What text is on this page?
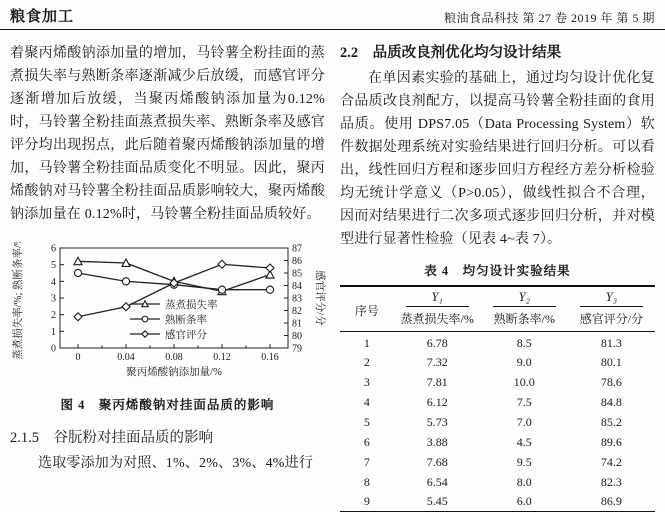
粮食加工	粮油食品科技 第 27 卷 2019 年 第 5 期

着聚丙烯酸钠添加量的增加，马铃薯全粉挂面的蒸煮损失率与熟断条率逐渐减少后放缓，而感官评分逐渐增加后放缓，当聚丙烯酸钠添加量为0.12%时，马铃薯全粉挂面蒸煮损失率、熟断条率及感官评分均出现拐点，此后随着聚丙烯酸钠添加量的增加，马铃薯全粉挂面品质变化不明显。因此，聚丙烯酸钠对马铃薯全粉挂面品质影响较大，聚丙烯酸钠添加量在 0.12%时，马铃薯全粉挂面品质较好。

0
1
2
3
4
5
6
79
80
81
82
83
84
85
86
87
0	0.04	0.08	0.12	0.16
蒸煮损失率
熟断条率
感官评分
聚丙烯酸钠添加量/%
蒸煮损失率/%; 熟断条率/%	感官评分/分
图 4　聚丙烯酸钠对挂面品质的影响
2.1.5　谷朊粉对挂面品质的影响

选取零添加为对照、1%、2%、3%、4%进行

2.2　品质改良剂优化均匀设计结果

在单因素实验的基础上，通过均匀设计优化复合品质改良剂配方，以提高马铃薯全粉挂面的食用品质。使用 DPS7.05（Data Processing System）软件数据处理系统对实验结果进行回归分析。可以看出，线性回归方程和逐步回归方程经方差分析检验均无统计学意义（P>0.05），做线性拟合不合理，因而对结果进行二次多项式逐步回归分析，并对模型进行显著性检验（见表 4~表 7）。

表 4　均匀设计实验结果
序号	Y₁	Y₂	Y₃

	蒸煮损失率/%	熟断条率/%	感官评分/分
1	6.78	8.5	81.3
2	7.32	9.0	80.1
3	7.81	10.0	78.6
4	6.12	7.5	84.8
5	5.73	7.0	85.2
6	3.88	4.5	89.6
7	7.68	9.5	74.2
8	6.54	8.0	82.3
9	5.45	6.0	86.9
